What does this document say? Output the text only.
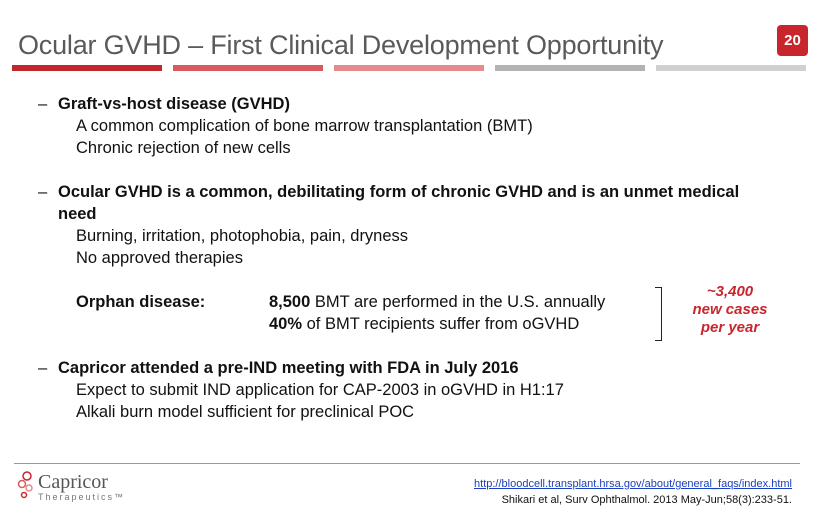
Ocular GVHD – First Clinical Development Opportunity	20
– Graft-vs-host disease (GVHD)
A common complication of bone marrow transplantation (BMT)
Chronic rejection of new cells
– Ocular GVHD is a common, debilitating form of chronic GVHD and is an unmet medical need
Burning, irritation, photophobia, pain, dryness
No approved therapies
Orphan disease:	8,500 BMT are performed in the U.S. annually
40% of BMT recipients suffer from oGVHD
– Capricor attended a pre-IND meeting with FDA in July 2016
Expect to submit IND application for CAP-2003 in oGVHD in H1:17
Alkali burn model sufficient for preclinical POC
~3,400
new cases
per year
Capricor
Therapeutics™
http://bloodcell.transplant.hrsa.gov/about/general_faqs/index.html
Shikari et al, Surv Ophthalmol. 2013 May-Jun;58(3):233-51.
